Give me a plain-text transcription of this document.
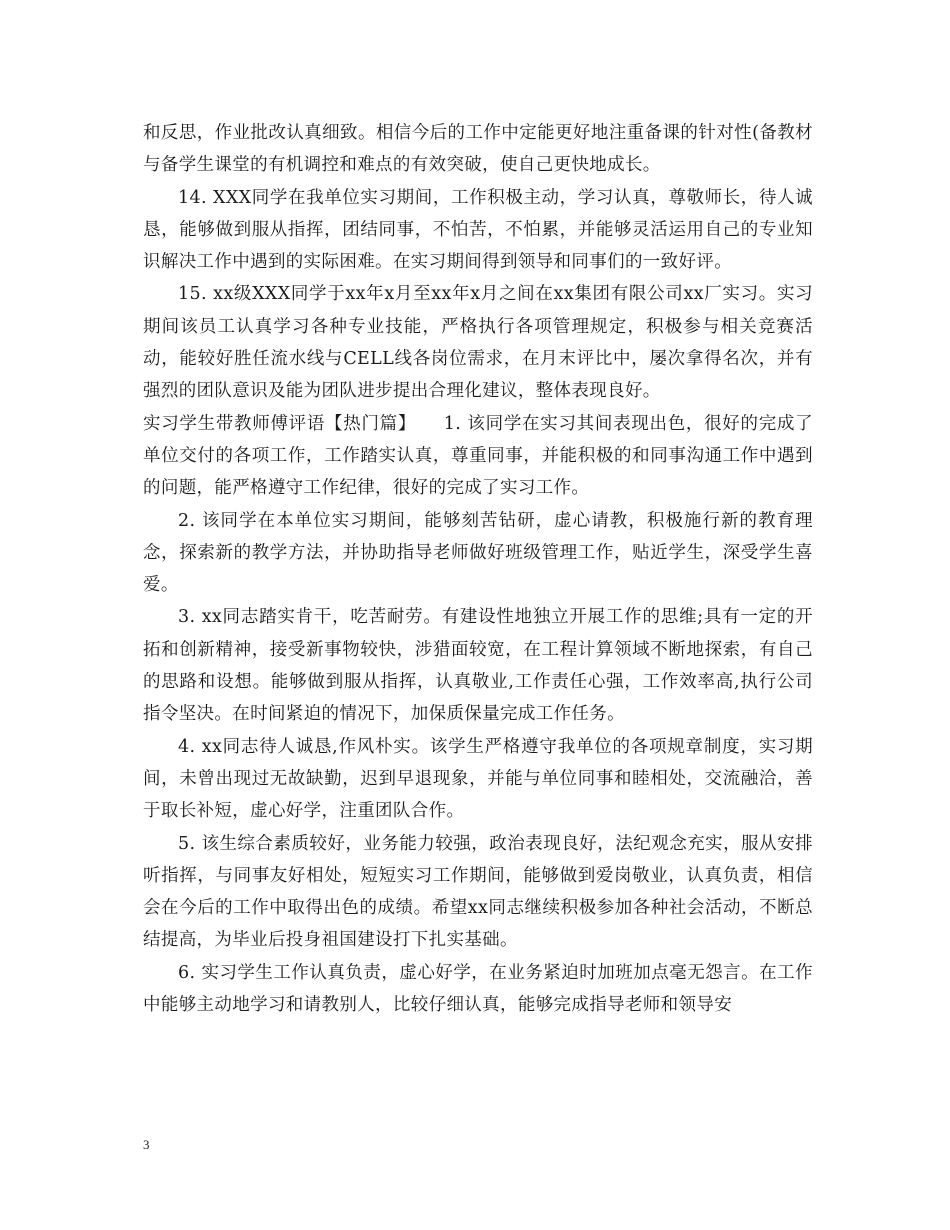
和反思，作业批改认真细致。相信今后的工作中定能更好地注重备课的针对性(备教材与备学生课堂的有机调控和难点的有效突破，使自己更快地成长。

14. XXX同学在我单位实习期间，工作积极主动，学习认真，尊敬师长，待人诚恳，能够做到服从指挥，团结同事，不怕苦，不怕累，并能够灵活运用自己的专业知识解决工作中遇到的实际困难。在实习期间得到领导和同事们的一致好评。

15. xx级XXX同学于xx年x月至xx年x月之间在xx集团有限公司xx厂实习。实习期间该员工认真学习各种专业技能，严格执行各项管理规定，积极参与相关竞赛活动，能较好胜任流水线与CELL线各岗位需求，在月末评比中，屡次拿得名次，并有强烈的团队意识及能为团队进步提出合理化建议，整体表现良好。

实习学生带教师傅评语【热门篇】　　1. 该同学在实习其间表现出色，很好的完成了单位交付的各项工作，工作踏实认真，尊重同事，并能积极的和同事沟通工作中遇到的问题，能严格遵守工作纪律，很好的完成了实习工作。

2. 该同学在本单位实习期间，能够刻苦钻研，虚心请教，积极施行新的教育理念，探索新的教学方法，并协助指导老师做好班级管理工作，贴近学生，深受学生喜爱。

3. xx同志踏实肯干，吃苦耐劳。有建设性地独立开展工作的思维;具有一定的开拓和创新精神，接受新事物较快，涉猎面较宽，在工程计算领域不断地探索，有自己的思路和设想。能够做到服从指挥，认真敬业,工作责任心强，工作效率高,执行公司指令坚决。在时间紧迫的情况下，加保质保量完成工作任务。

4. xx同志待人诚恳,作风朴实。该学生严格遵守我单位的各项规章制度，实习期间，未曾出现过无故缺勤，迟到早退现象，并能与单位同事和睦相处，交流融洽，善于取长补短，虚心好学，注重团队合作。

5. 该生综合素质较好，业务能力较强，政治表现良好，法纪观念充实，服从安排听指挥，与同事友好相处，短短实习工作期间，能够做到爱岗敬业，认真负责，相信会在今后的工作中取得出色的成绩。希望xx同志继续积极参加各种社会活动，不断总结提高，为毕业后投身祖国建设打下扎实基础。

6. 实习学生工作认真负责，虚心好学，在业务紧迫时加班加点毫无怨言。在工作中能够主动地学习和请教别人，比较仔细认真，能够完成指导老师和领导安

3
